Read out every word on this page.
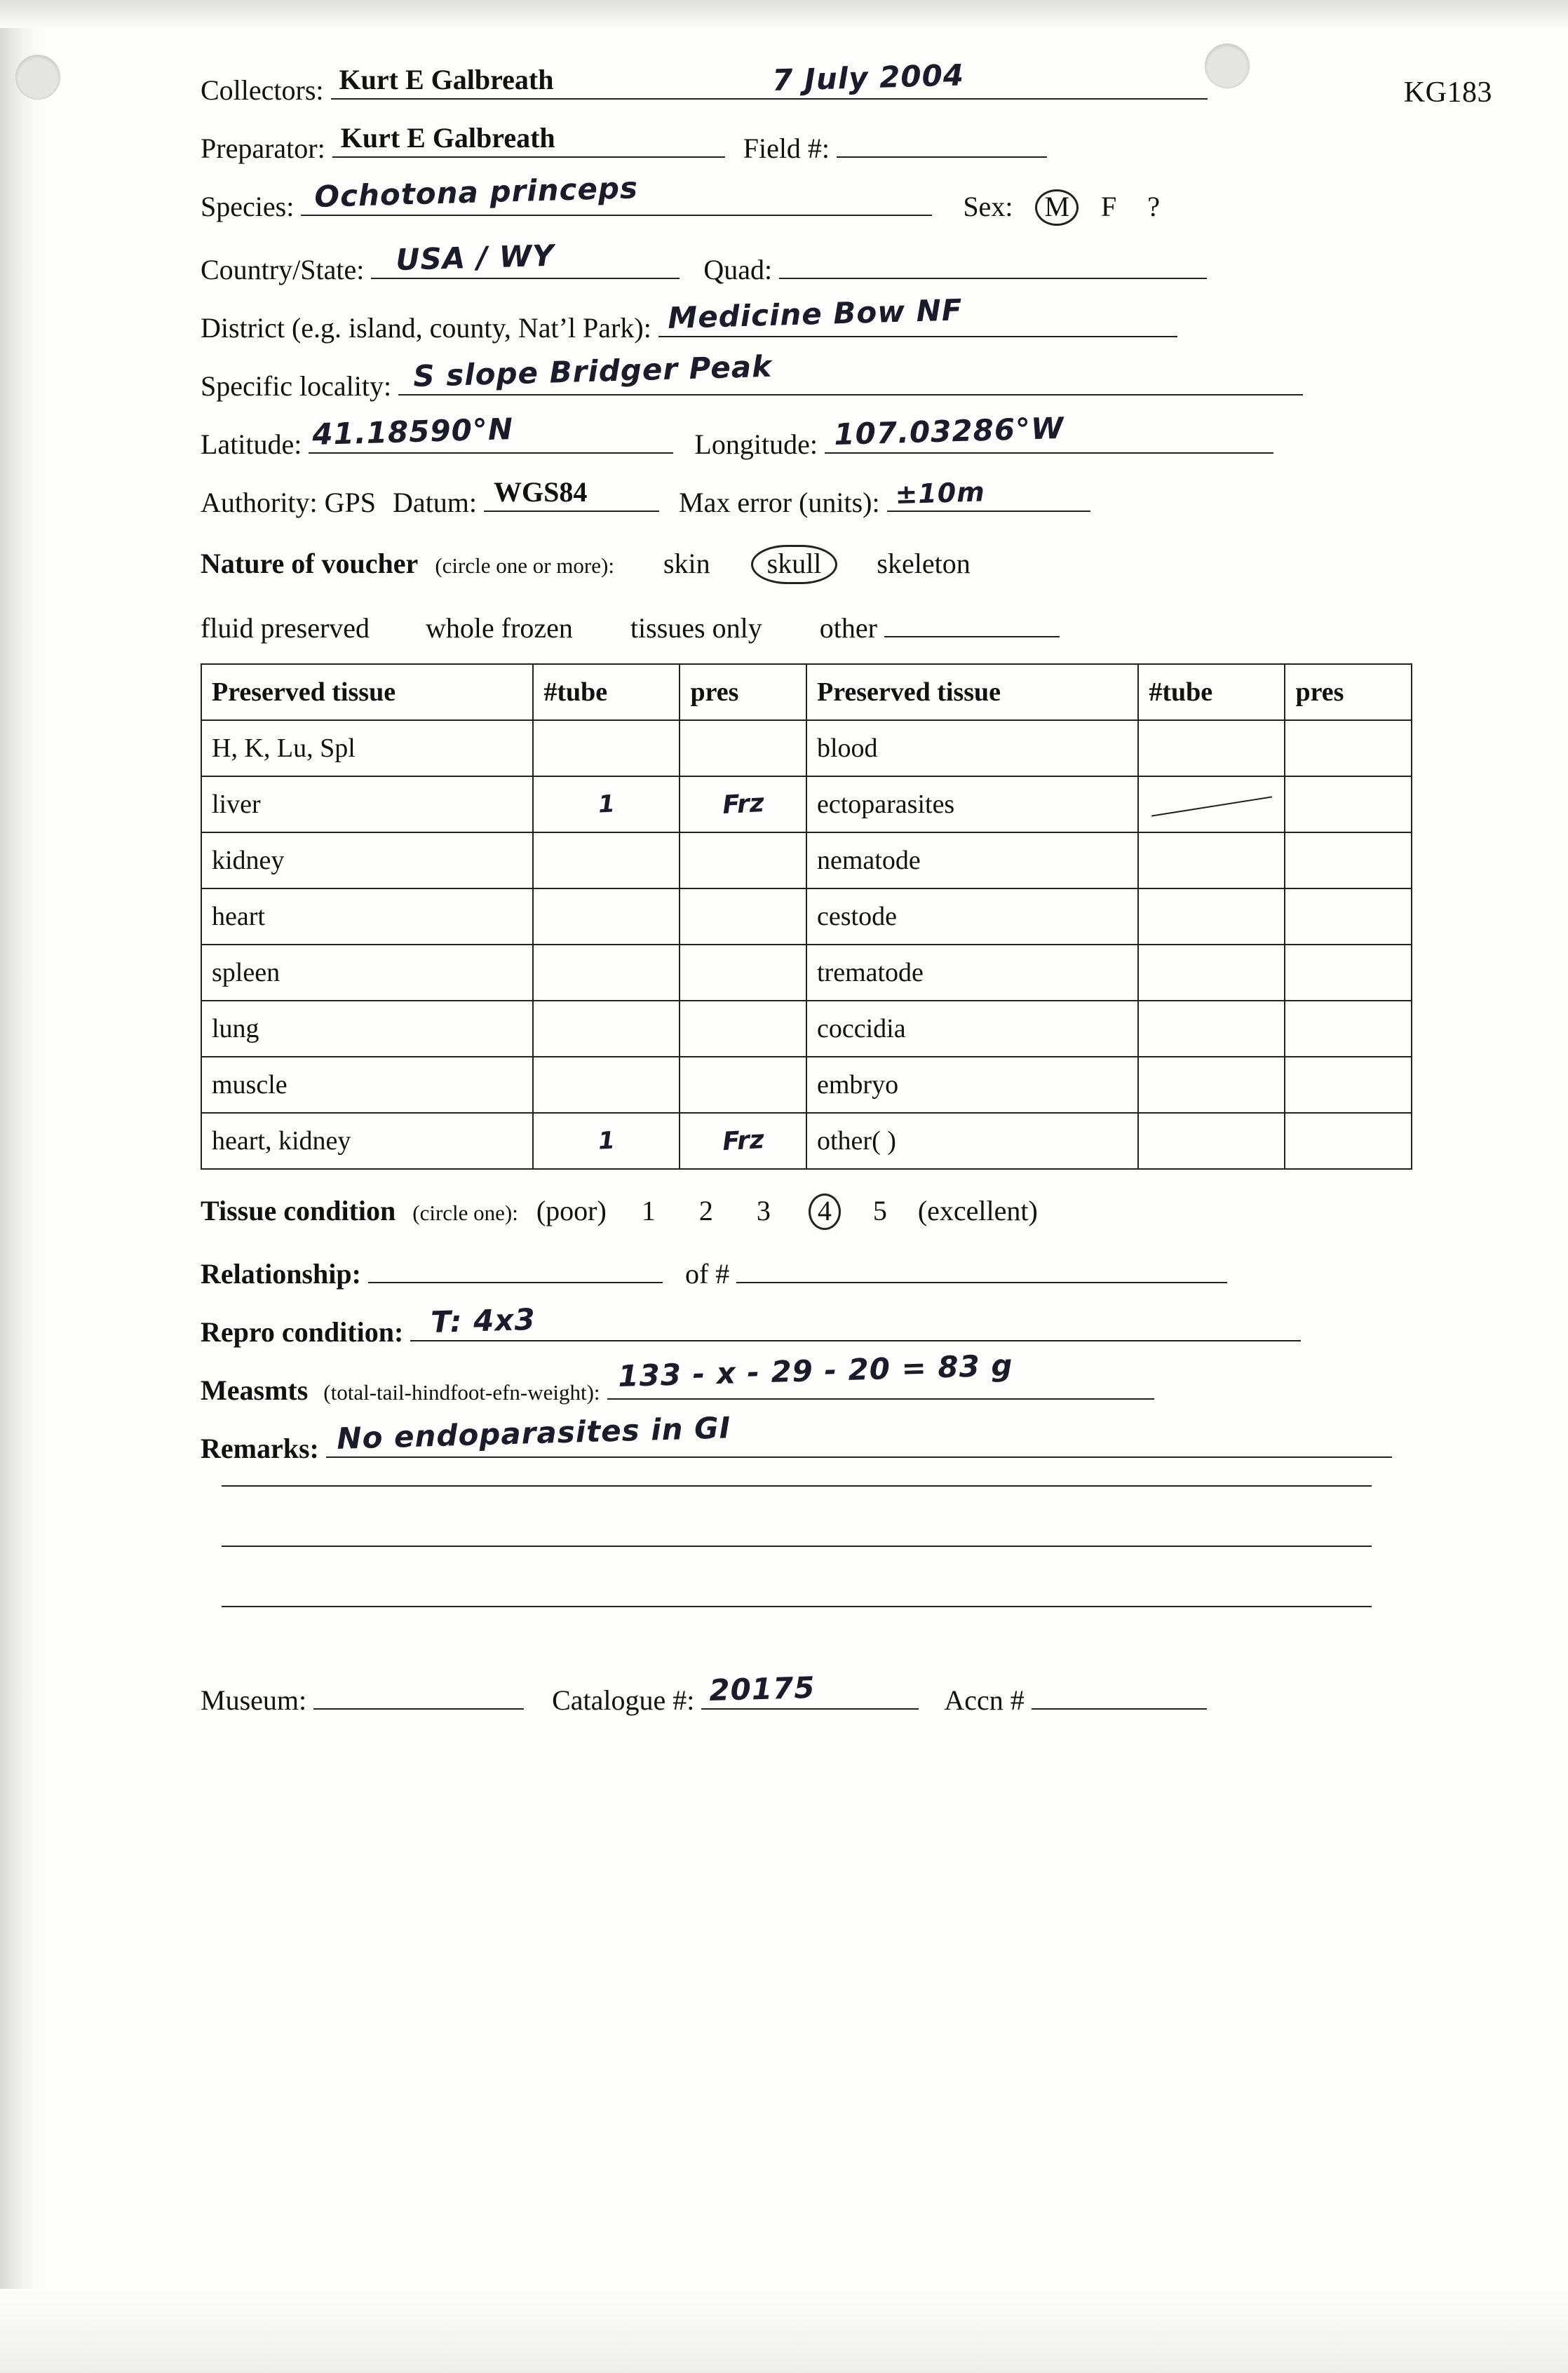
KG183
Collectors: Kurt E Galbreath	7 July 2004
Preparator: Kurt E Galbreath	Field #:
Species: Ochotona princeps	Sex: M F ?
Country/State: USA / WY	Quad:
District (e.g. island, county, Nat’l Park): Medicine Bow NF
Specific locality: S slope Bridger Peak
Latitude: 41.18590°N	Longitude: 107.03286°W
Authority: GPS Datum: WGS84	Max error (units): ±10m
Nature of voucher (circle one or more): skin skull skeleton
fluid preserved whole frozen tissues only other
Preserved tissue	#tube	pres	Preserved tissue	#tube	pres
H, K, Lu, Spl			blood		
liver	1	Frz	ectoparasites	

kidney			nematode		
heart			cestode		
spleen			trematode		
lung			coccidia		
muscle			embryo		
heart, kidney	1	Frz	other( )		
Tissue condition (circle one): (poor) 1 2 3 4 5 (excellent)
Relationship:	of #
Repro condition: T: 4x3
Measmts (total-tail-hindfoot-efn-weight): 133 - x - 29 - 20 = 83 g
Remarks: No endoparasites in GI
Museum:	Catalogue #: 20175	Accn #
